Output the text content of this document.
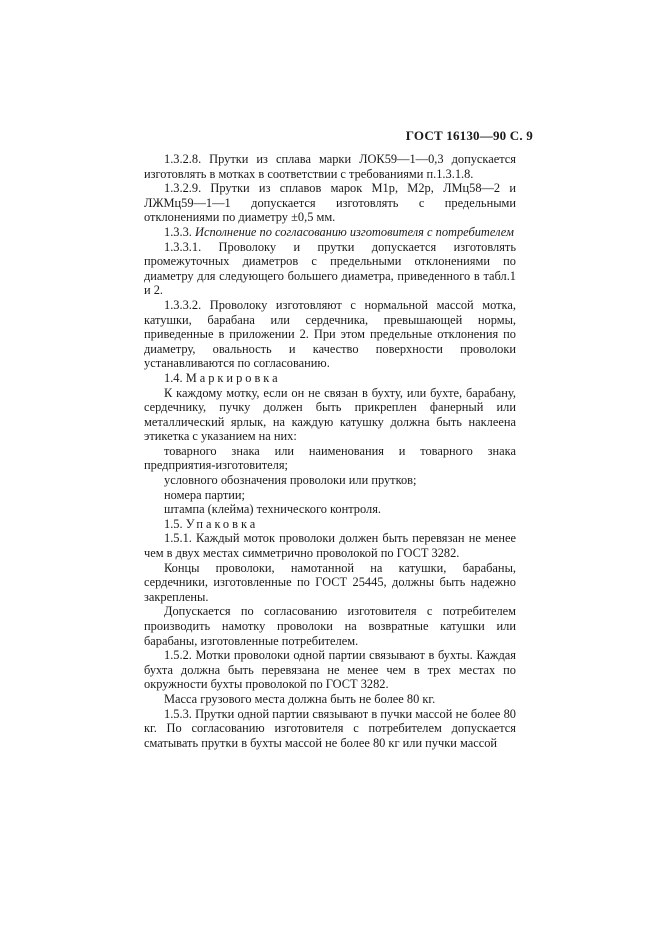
ГОСТ 16130—90 С. 9

1.3.2.8. Прутки из сплава марки ЛОК59—1—0,3 допускается изготовлять в мотках в соответствии с требованиями п.1.3.1.8.

1.3.2.9. Прутки из сплавов марок М1р, М2р, ЛМц58—2 и ЛЖМц59—1—1 допускается изготовлять с предельными отклонениями по диаметру ±0,5 мм.

1.3.3. Исполнение по согласованию изготовителя с потребителем

1.3.3.1. Проволоку и прутки допускается изготовлять промежуточных диаметров с предельными отклонениями по диаметру для следующего большего диаметра, приведенного в табл.1 и 2.

1.3.3.2. Проволоку изготовляют с нормальной массой мотка, катушки, барабана или сердечника, превышающей нормы, приведенные в приложении 2. При этом предельные отклонения по диаметру, овальность и качество поверхности проволоки устанавливаются по согласованию.

1.4. Маркировка

К каждому мотку, если он не связан в бухту, или бухте, барабану, сердечнику, пучку должен быть прикреплен фанерный или металлический ярлык, на каждую катушку должна быть наклеена этикетка с указанием на них:

товарного знака или наименования и товарного знака предприятия-изготовителя;

условного обозначения проволоки или прутков;

номера партии;

штампа (клейма) технического контроля.

1.5. Упаковка

1.5.1. Каждый моток проволоки должен быть перевязан не менее чем в двух местах симметрично проволокой по ГОСТ 3282.

Концы проволоки, намотанной на катушки, барабаны, сердечники, изготовленные по ГОСТ 25445, должны быть надежно закреплены.

Допускается по согласованию изготовителя с потребителем производить намотку проволоки на возвратные катушки или барабаны, изготовленные потребителем.

1.5.2. Мотки проволоки одной партии связывают в бухты. Каждая бухта должна быть перевязана не менее чем в трех местах по окружности бухты проволокой по ГОСТ 3282.

Масса грузового места должна быть не более 80 кг.

1.5.3. Прутки одной партии связывают в пучки массой не более 80 кг. По согласованию изготовителя с потребителем допускается сматывать прутки в бухты массой не более 80 кг или пучки массой
